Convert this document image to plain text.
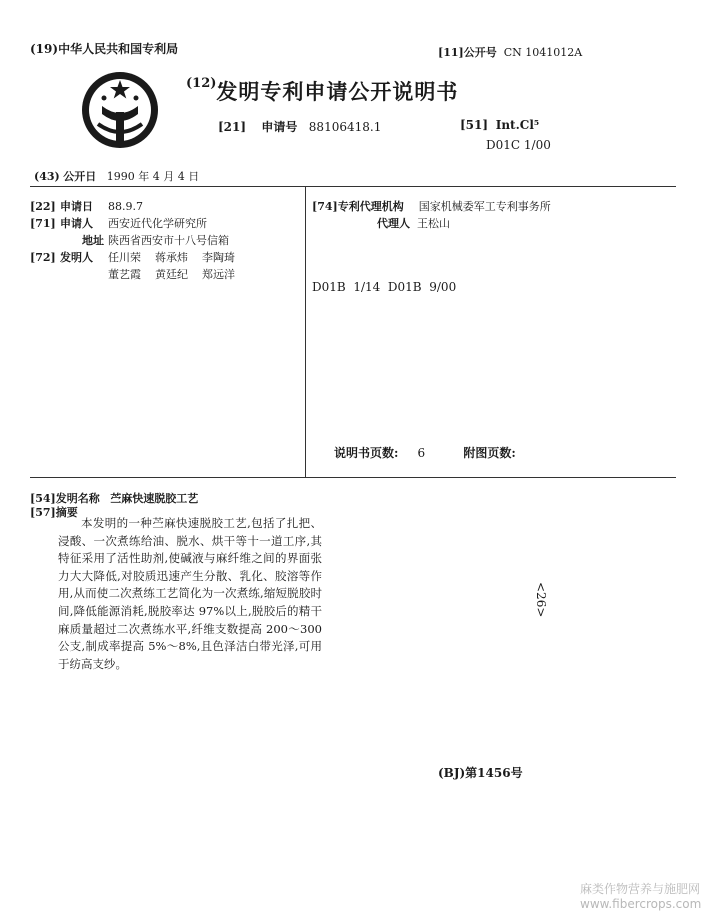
(19)中华人民共和国专利局	[11]公开号 CN 1041012A
$^{(12)}$发明专利申请公开说明书
[21] 申请号 88106418.1	[51] Int.Cl⁵
D01C 1/00
(43) 公开日 1990 年 4 月 4 日
[22] 申请日 88.9.7
[71] 申请人 西安近代化学研究所
地址 陕西省西安市十八号信箱
[72] 发明人 任川荣    蒋承炜    李陶琦
董艺霞    黄廷纪    郑远洋
[74]专利代理机构 国家机械委军工专利事务所
代理人 王松山
D01B  1/14  D01B  9/00
说明书页数: 6	附图页数:
[54]发明名称 苎麻快速脱胶工艺
[57]摘要

本发明的一种苎麻快速脱胶工艺,包括了扎把、浸酸、一次煮练给油、脱水、烘干等十一道工序,其特征采用了活性助剂,使碱液与麻纤维之间的界面张力大大降低,对胶质迅速产生分散、乳化、胶溶等作用,从而使二次煮练工艺简化为一次煮练,缩短脱胶时间,降低能源消耗,脱胶率达 97%以上,脱胶后的精干麻质量超过二次煮练水平,纤维支数提高 200～300 公支,制成率提高 5%～8%,且色泽洁白带光泽,可用于纺高支纱。

<26>
(BJ)第1456号
麻类作物营养与施肥网 www.fibercrops.com
